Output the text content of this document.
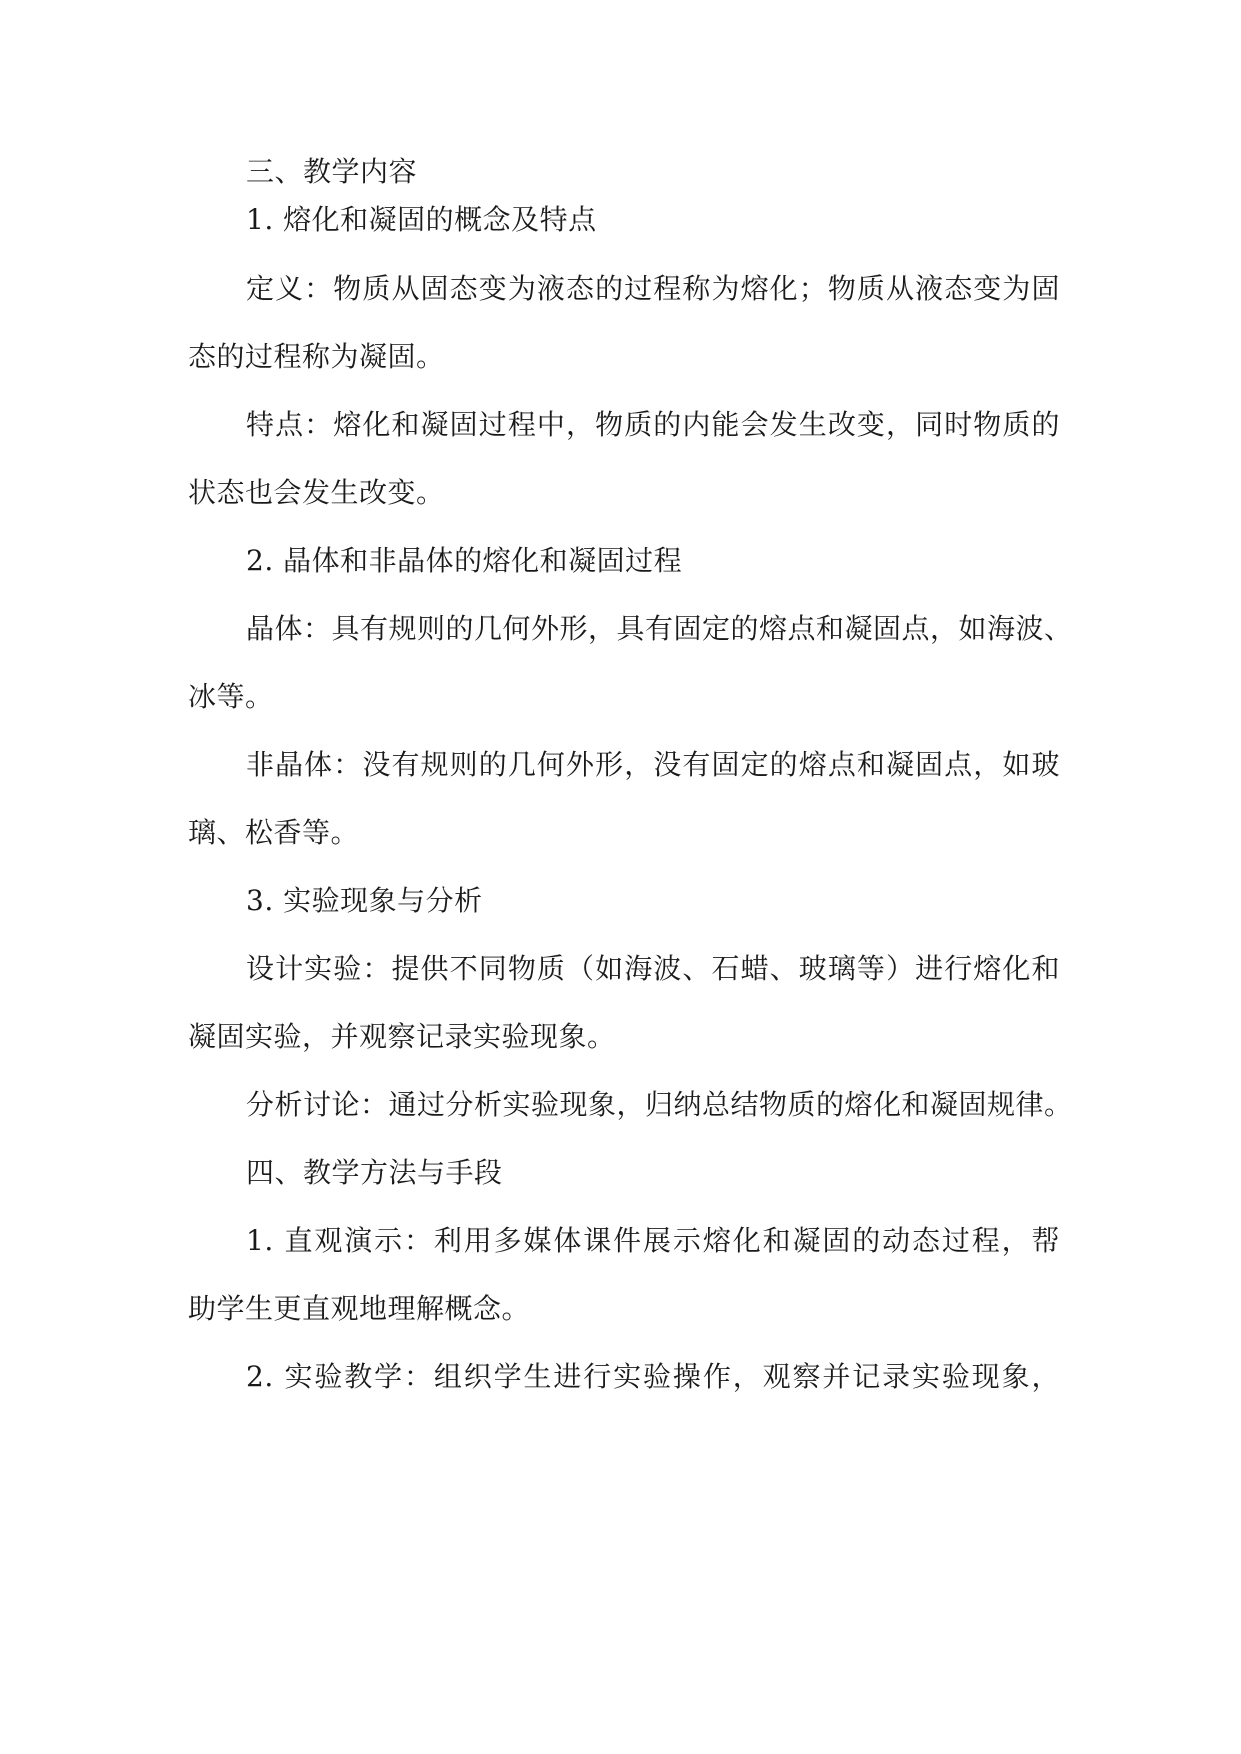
三、教学内容
1. 熔化和凝固的概念及特点
定义：物质从固态变为液态的过程称为熔化；物质从液态变为固
态的过程称为凝固。
特点：熔化和凝固过程中，物质的内能会发生改变，同时物质的
状态也会发生改变。
2. 晶体和非晶体的熔化和凝固过程
晶体：具有规则的几何外形，具有固定的熔点和凝固点，如海波、
冰等。
非晶体：没有规则的几何外形，没有固定的熔点和凝固点，如玻
璃、松香等。
3. 实验现象与分析
设计实验：提供不同物质（如海波、石蜡、玻璃等）进行熔化和
凝固实验，并观察记录实验现象。
分析讨论：通过分析实验现象，归纳总结物质的熔化和凝固规律。
四、教学方法与手段
1. 直观演示：利用多媒体课件展示熔化和凝固的动态过程，帮
助学生更直观地理解概念。
2. 实验教学：组织学生进行实验操作，观察并记录实验现象，
